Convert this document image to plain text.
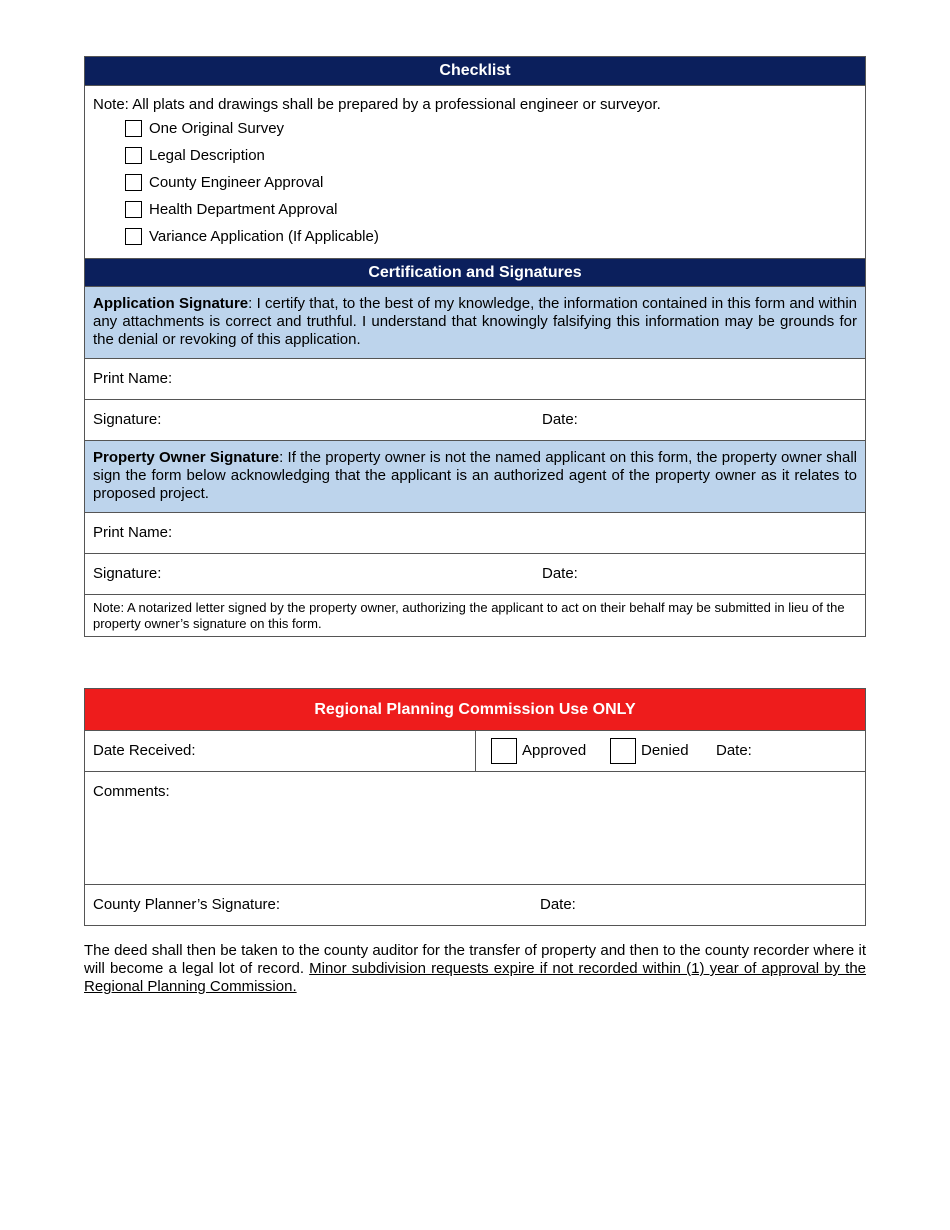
Checklist
Note: All plats and drawings shall be prepared by a professional engineer or surveyor.
One Original Survey
Legal Description
County Engineer Approval
Health Department Approval
Variance Application (If Applicable)
Certification and Signatures
Application Signature: I certify that, to the best of my knowledge, the information contained in this form and within any attachments is correct and truthful. I understand that knowingly falsifying this information may be grounds for the denial or revoking of this application.
Print Name:
Signature:	Date:
Property Owner Signature: If the property owner is not the named applicant on this form, the property owner shall sign the form below acknowledging that the applicant is an authorized agent of the property owner as it relates to proposed project.
Print Name:
Signature:	Date:
Note: A notarized letter signed by the property owner, authorizing the applicant to act on their behalf may be submitted in lieu of the property owner’s signature on this form.
Regional Planning Commission Use ONLY
Date Received:	Approved	Denied Date:
Comments:
County Planner’s Signature:	Date:
The deed shall then be taken to the county auditor for the transfer of property and then to the county recorder where it will become a legal lot of record. Minor subdivision requests expire if not recorded within (1) year of approval by the Regional Planning Commission.
